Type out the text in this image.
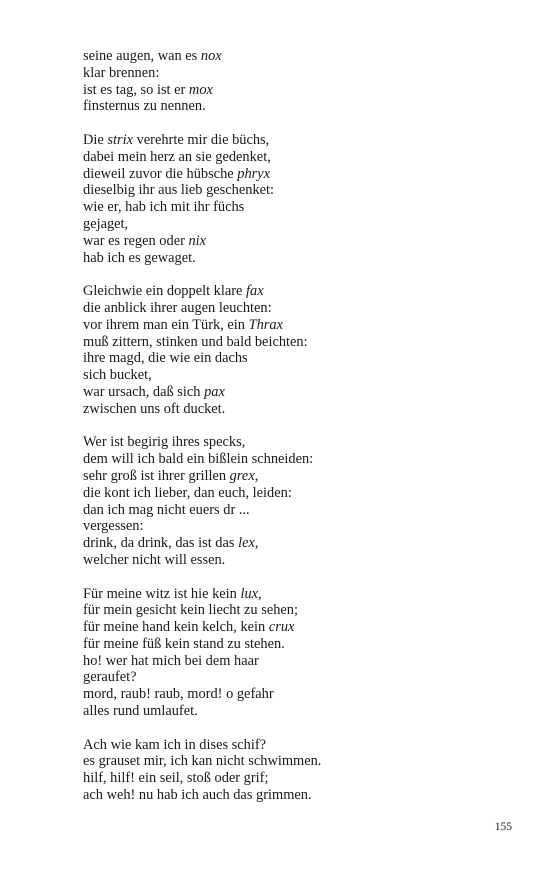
seine augen, wan es nox
klar brennen:
ist es tag, so ist er mox
finsternus zu nennen.
Die strix verehrte mir die büchs,
dabei mein herz an sie gedenket,
dieweil zuvor die hübsche phryx
dieselbig ihr aus lieb geschenket:
wie er, hab ich mit ihr füchs
gejaget,
war es regen oder nix
hab ich es gewaget.
Gleichwie ein doppelt klare fax
die anblick ihrer augen leuchten:
vor ihrem man ein Türk, ein Thrax
muß zittern, stinken und bald beichten:
ihre magd, die wie ein dachs
sich bucket,
war ursach, daß sich pax
zwischen uns oft ducket.
Wer ist begirig ihres specks,
dem will ich bald ein bißlein schneiden:
sehr groß ist ihrer grillen grex,
die kont ich lieber, dan euch, leiden:
dan ich mag nicht euers dr ...
vergessen:
drink, da drink, das ist das lex,
welcher nicht will essen.
Für meine witz ist hie kein lux,
für mein gesicht kein liecht zu sehen;
für meine hand kein kelch, kein crux
für meine füß kein stand zu stehen.
ho! wer hat mich bei dem haar
geraufet?
mord, raub! raub, mord! o gefahr
alles rund umlaufet.
Ach wie kam ich in dises schif?
es grauset mir, ich kan nicht schwimmen.
hilf, hilf! ein seil, stoß oder grif;
ach weh! nu hab ich auch das grimmen.
155
